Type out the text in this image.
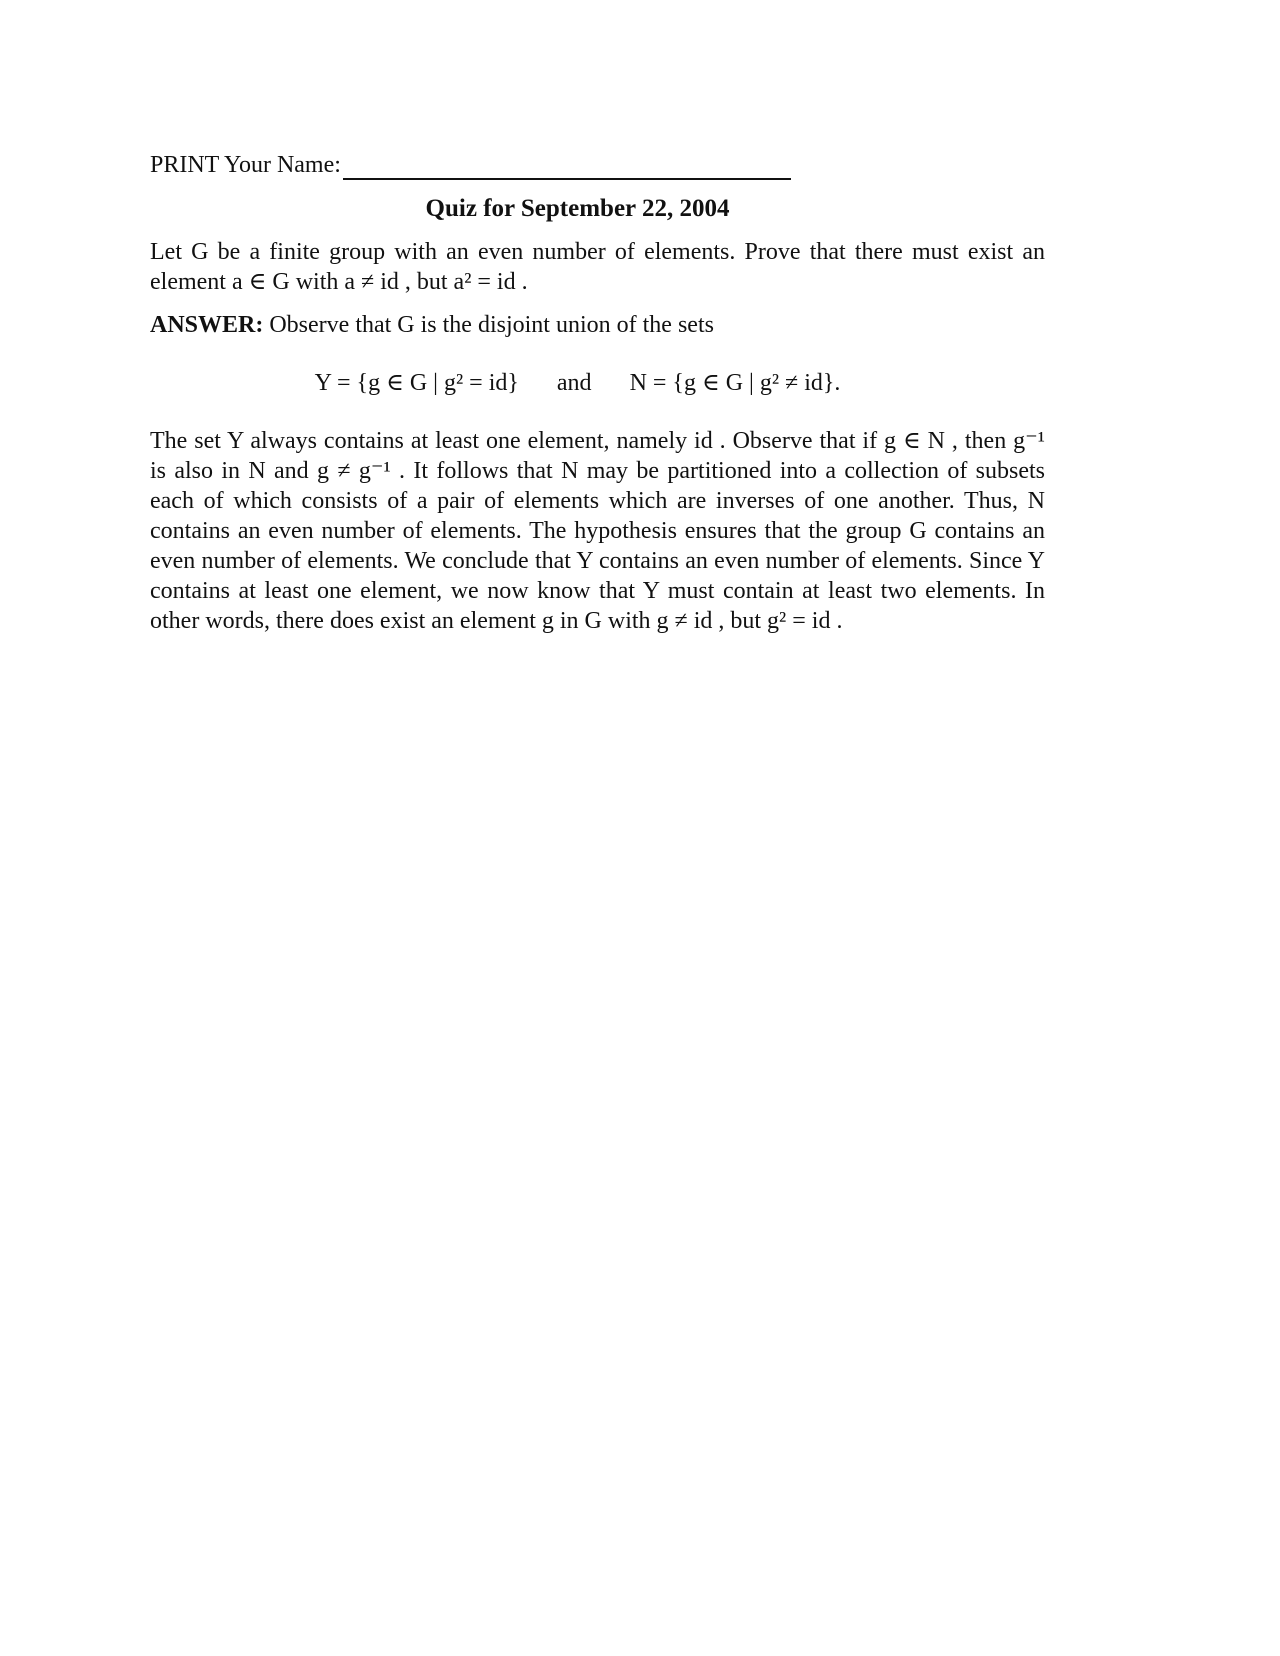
PRINT Your Name:
Quiz for September 22, 2004

Let G be a finite group with an even number of elements. Prove that there must exist an element a ∈ G with a ≠ id , but a² = id .

ANSWER: Observe that G is the disjoint union of the sets

Y = {g ∈ G | g² = id} and N = {g ∈ G | g² ≠ id}.

The set Y always contains at least one element, namely id . Observe that if g ∈ N , then g⁻¹ is also in N and g ≠ g⁻¹ . It follows that N may be partitioned into a collection of subsets each of which consists of a pair of elements which are inverses of one another. Thus, N contains an even number of elements. The hypothesis ensures that the group G contains an even number of elements. We conclude that Y contains an even number of elements. Since Y contains at least one element, we now know that Y must contain at least two elements. In other words, there does exist an element g in G with g ≠ id , but g² = id .
